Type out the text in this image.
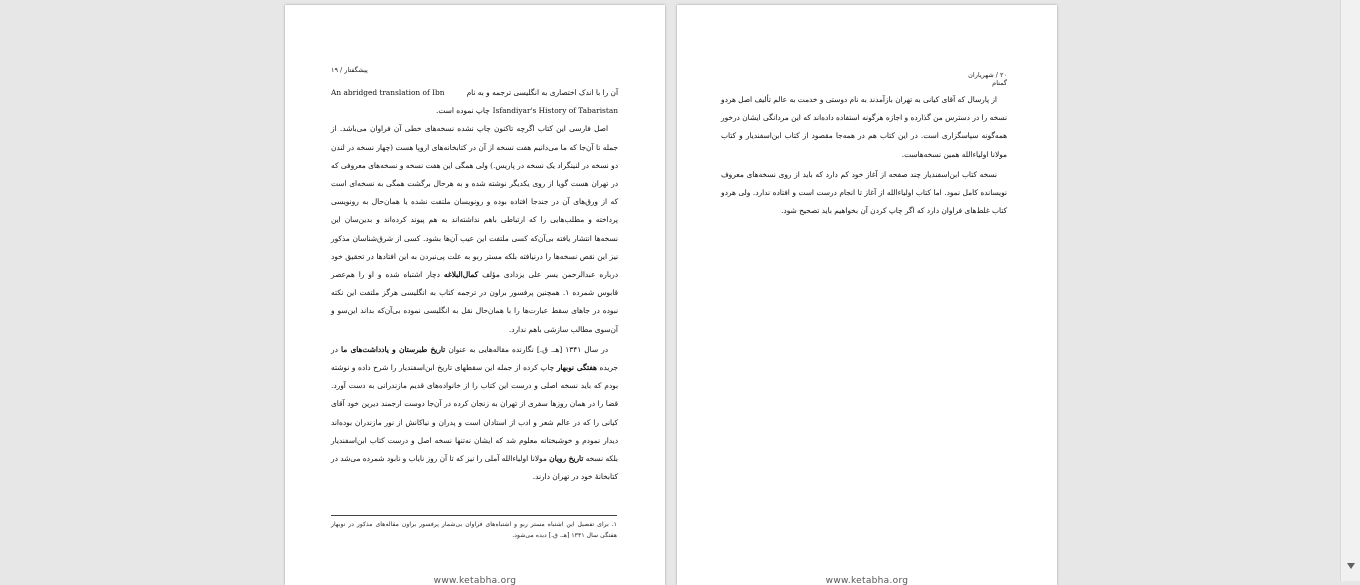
پیشگفتار / ۱۹
آن را با اندک اختصاری به انگلیسی ترجمه و به نام
An abridged translation of Ibn
Isfandiyar's History of Tabaristan
چاپ نموده است.

اصل فارسی این کتاب اگرچه تاکنون چاپ نشده نسخه‌های خطی آن فراوان می‌باشد. از جمله تا آن‌جا که ما می‌دانیم هفت نسخه از آن در کتابخانه‌های اروپا هست (چهار نسخه در لندن دو نسخه در لنینگراد یک نسخه در پاریس.) ولی همگی این هفت نسخه و نسخه‌های معروفی که در تهران هست گویا از روی یکدیگر نوشته شده و به هرحال برگشت همگی به نسخه‌ای است که از ورق‌های آن در جندجا افتاده بوده و رونویسان ملتفت نشده یا همان‌حال به رونویسی پرداخته و مطلب‌هایی را که ارتباطی باهم نداشته‌اند به هم پیوند کرده‌اند و بدین‌سان این نسخه‌ها انتشار یافته بی‌آن‌که کسی ملتفت این عیب آن‌ها بشود. کسی از شرق‌شناسان مذکور نیز این نقص نسخه‌ها را درنیافته بلکه مستر ربو به علت پی‌نبردن به این افتادها در تحقیق خود درباره عبدالرحمن یسر علی یزدادی مؤلف کمال‌البلاغه دچار اشتباه شده و او را هم‌عصر قابوس شمرده ۱. همچنین پرفسور براون در ترجمه کتاب به انگلیسی هرگز ملتفت این نکته نبوده در جاهای سقط عبارت‌ها را با همان‌حال نقل به انگلیسی نموده بی‌آن‌که بداند این‌سو و آن‌سوی مطالب سازشی باهم ندارد.

در سال ۱۳۴۱ [هـ. ق.] نگارنده مقاله‌هایی به عنوان تاریخ طبرستان و یادداشت‌های ما در جریده هفتگی نوبهار چاپ کرده از جمله این سقطهای تاریخ ابن‌اسفندیار را شرح داده و نوشته بودم که باید نسخه اصلی و درست این کتاب را از خانواده‌های قدیم مازندرانی به دست آورد. قضا را در همان روزها سفری از تهران به زنجان کرده در آن‌جا دوست ارجمند دیرین خود آقای کیانی را که در عالم شعر و ادب از استادان است و پدران و نیاکانش از نور مازندران بوده‌اند دیدار نمودم و خوشبختانه معلوم شد که ایشان نه‌تنها نسخه اصل و درست کتاب ابن‌اسفندیار بلکه نسخه تاریخ رویان مولانا اولیاءالله آملی را نیز که تا آن روز نایاب و نابود شمرده می‌شد در کتابخانهٔ خود در تهران دارند.

۱. برای تفصیل این اشتباه مستر ربو و اشتباه‌های فراوان بی‌شمار پرفسور براون مقاله‌های مذکور در نوبهار هفتگی سال ۱۳۴۱ [هـ. ق.] دیده می‌شود.
www.ketabha.org
۲۰ / شهریاران گمنام

از پارسال که آقای کیانی به تهران بازآمدند به نام دوستی و خدمت به عالم تألیف اصل هردو نسخه را در دسترس من گذارده و اجازه هرگونه استفاده داده‌اند که این مردانگی ایشان درخور همه‌گونه سپاسگزاری است. در این کتاب هم در همه‌جا مقصود از کتاب ابن‌اسفندیار و کتاب مولانا اولیاءالله همین نسخه‌هاست.

نسخه کتاب ابن‌اسفندیار چند صفحه از آغاز خود کم دارد که باید از روی نسخه‌های معروف نویسانده کامل نمود. اما کتاب اولیاءالله از آغاز تا انجام درست است و افتاده ندارد. ولی هردو کتاب غلط‌های فراوان دارد که اگر چاپ کردن آن بخواهیم باید تصحیح شود.

www.ketabha.org
